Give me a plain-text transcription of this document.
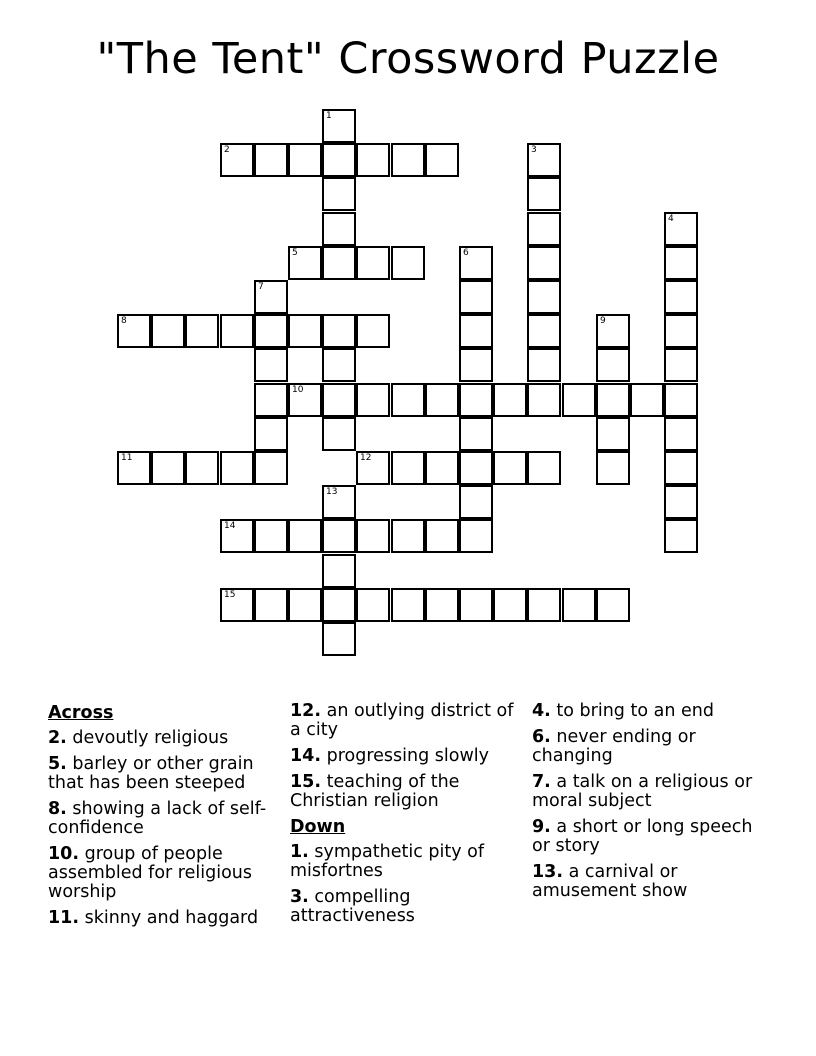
"The Tent" Crossword Puzzle
2
1
3
4
5	6
7
8	9
10
11	12
13
14
15
Across
2. devoutly religious
5. barley or other grain that has been steeped
8. showing a lack of self-confidence
10. group of people assembled for religious worship
11. skinny and haggard
12. an outlying district of a city
14. progressing slowly
15. teaching of the Christian religion
Down
1. sympathetic pity of misfortnes
3. compelling attractiveness
4. to bring to an end
6. never ending or changing
7. a talk on a religious or moral subject
9. a short or long speech or story
13. a carnival or amusement show
